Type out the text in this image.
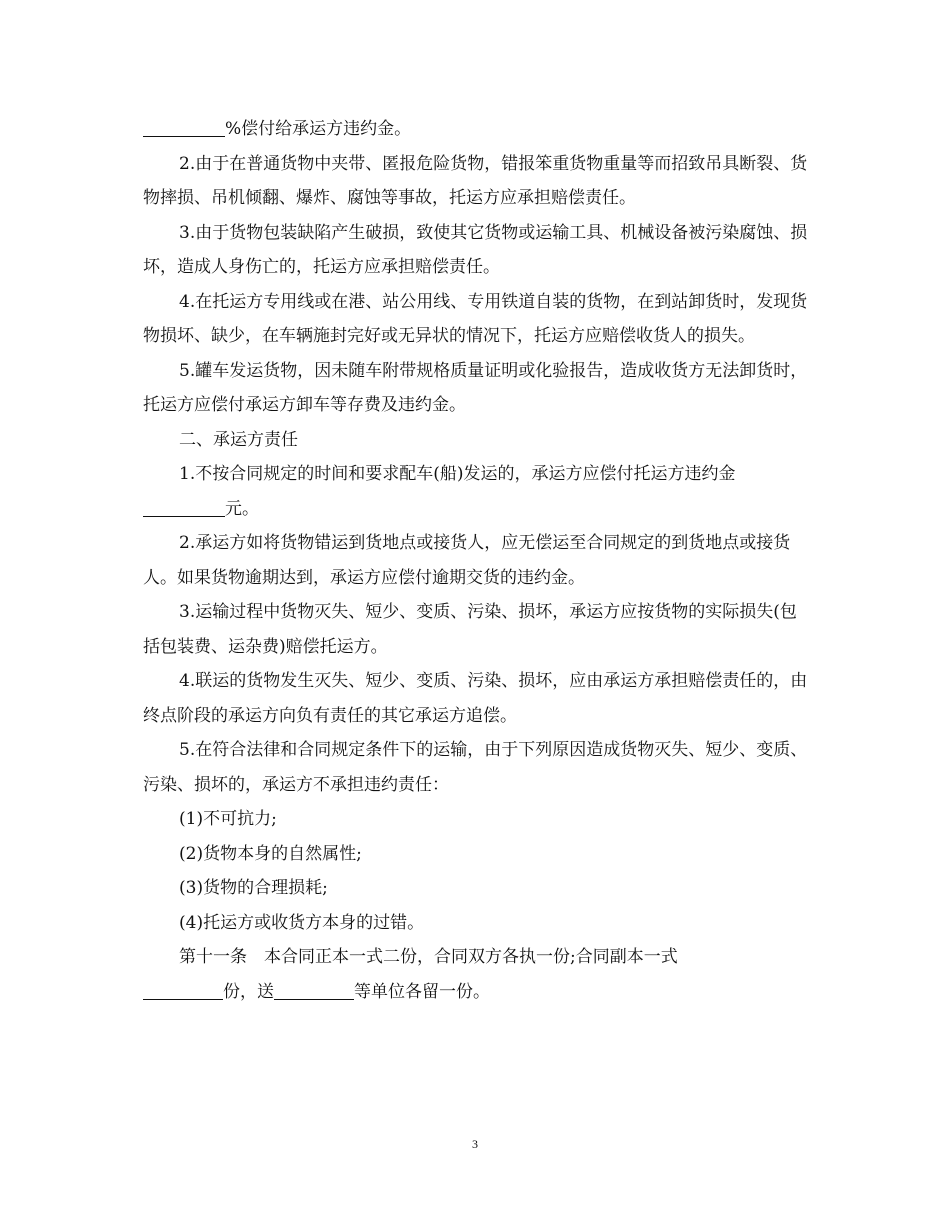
%偿付给承运方违约金。

2.由于在普通货物中夹带、匿报危险货物，错报笨重货物重量等而招致吊具断裂、货物摔损、吊机倾翻、爆炸、腐蚀等事故，托运方应承担赔偿责任。

3.由于货物包装缺陷产生破损，致使其它货物或运输工具、机械设备被污染腐蚀、损坏，造成人身伤亡的，托运方应承担赔偿责任。

4.在托运方专用线或在港、站公用线、专用铁道自装的货物，在到站卸货时，发现货物损坏、缺少，在车辆施封完好或无异状的情况下，托运方应赔偿收货人的损失。

5.罐车发运货物，因未随车附带规格质量证明或化验报告，造成收货方无法卸货时，托运方应偿付承运方卸车等存费及违约金。

二、承运方责任

1.不按合同规定的时间和要求配车(船)发运的，承运方应偿付托运方违约金
元。

2.承运方如将货物错运到货地点或接货人，应无偿运至合同规定的到货地点或接货人。如果货物逾期达到，承运方应偿付逾期交货的违约金。

3.运输过程中货物灭失、短少、变质、污染、损坏，承运方应按货物的实际损失(包括包装费、运杂费)赔偿托运方。

4.联运的货物发生灭失、短少、变质、污染、损坏，应由承运方承担赔偿责任的，由终点阶段的承运方向负有责任的其它承运方追偿。

5.在符合法律和合同规定条件下的运输，由于下列原因造成货物灭失、短少、变质、污染、损坏的，承运方不承担违约责任：

(1)不可抗力;

(2)货物本身的自然属性;

(3)货物的合理损耗;

(4)托运方或收货方本身的过错。

第十一条　本合同正本一式二份，合同双方各执一份;合同副本一式
份，送	等单位各留一份。

3
